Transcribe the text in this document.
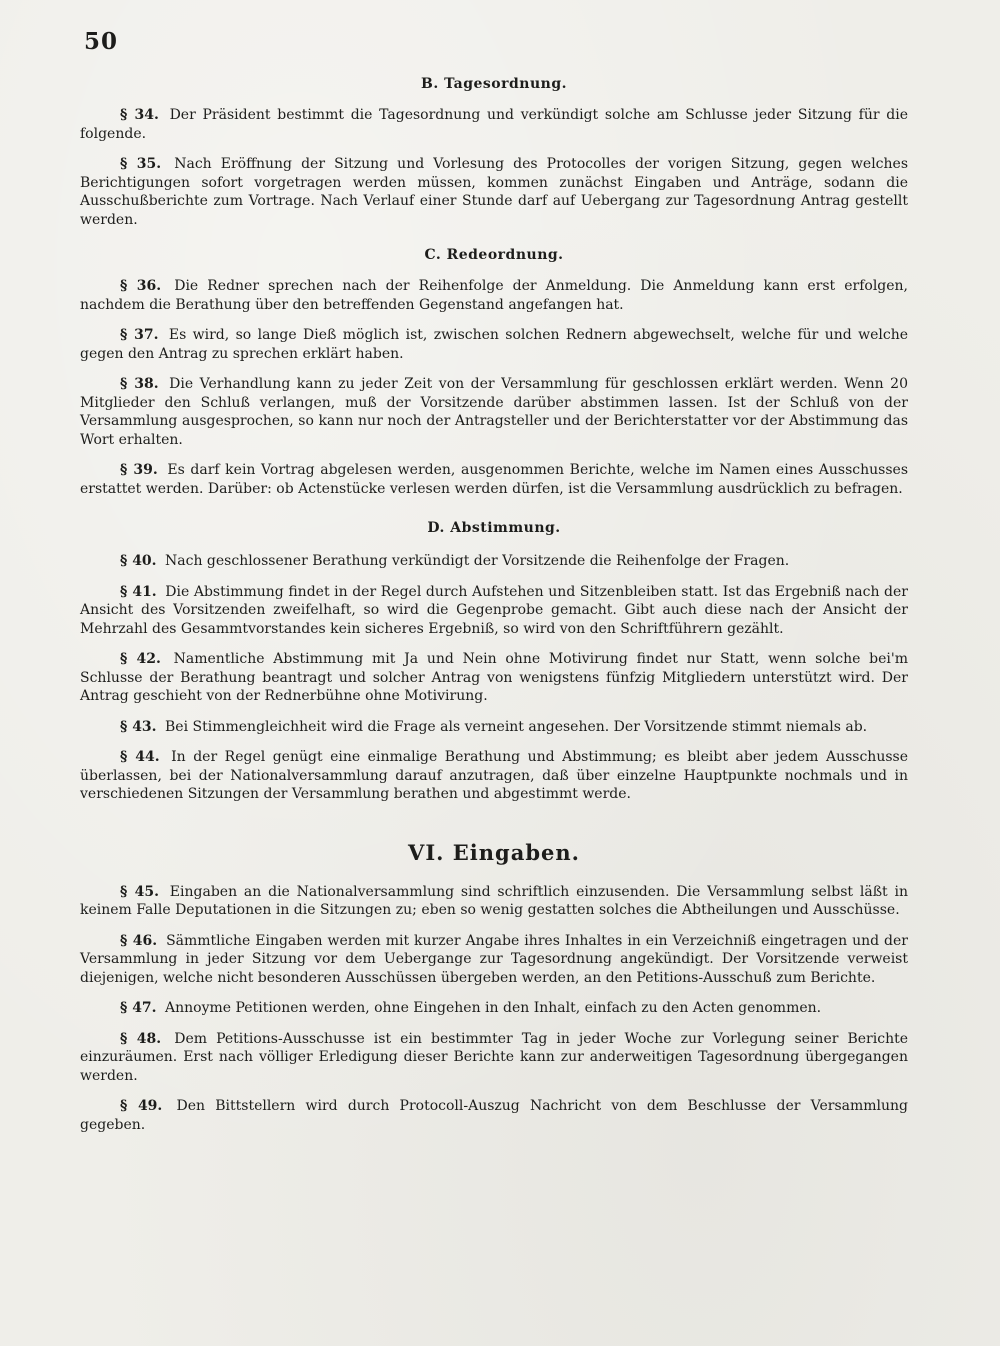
50
B. Tagesordnung.

§ 34. Der Präsident bestimmt die Tagesordnung und verkündigt solche am Schlusse jeder Sitzung für die folgende.

§ 35. Nach Eröffnung der Sitzung und Vorlesung des Protocolles der vorigen Sitzung, gegen welches Berichtigungen sofort vorgetragen werden müssen, kommen zunächst Eingaben und Anträge, sodann die Ausschußberichte zum Vortrage. Nach Verlauf einer Stunde darf auf Uebergang zur Tagesordnung Antrag gestellt werden.

C. Redeordnung.

§ 36. Die Redner sprechen nach der Reihenfolge der Anmeldung. Die Anmeldung kann erst erfolgen, nachdem die Berathung über den betreffenden Gegenstand angefangen hat.

§ 37. Es wird, so lange Dieß möglich ist, zwischen solchen Rednern abgewechselt, welche für und welche gegen den Antrag zu sprechen erklärt haben.

§ 38. Die Verhandlung kann zu jeder Zeit von der Versammlung für geschlossen erklärt werden. Wenn 20 Mitglieder den Schluß verlangen, muß der Vorsitzende darüber abstimmen lassen. Ist der Schluß von der Versammlung ausgesprochen, so kann nur noch der Antragsteller und der Berichterstatter vor der Abstimmung das Wort erhalten.

§ 39. Es darf kein Vortrag abgelesen werden, ausgenommen Berichte, welche im Namen eines Ausschusses erstattet werden. Darüber: ob Actenstücke verlesen werden dürfen, ist die Versammlung ausdrücklich zu befragen.

D. Abstimmung.

§ 40. Nach geschlossener Berathung verkündigt der Vorsitzende die Reihenfolge der Fragen.

§ 41. Die Abstimmung findet in der Regel durch Aufstehen und Sitzenbleiben statt. Ist das Ergebniß nach der Ansicht des Vorsitzenden zweifelhaft, so wird die Gegenprobe gemacht. Gibt auch diese nach der Ansicht der Mehrzahl des Gesammtvorstandes kein sicheres Ergebniß, so wird von den Schriftführern gezählt.

§ 42. Namentliche Abstimmung mit Ja und Nein ohne Motivirung findet nur Statt, wenn solche bei'm Schlusse der Berathung beantragt und solcher Antrag von wenigstens fünfzig Mitgliedern unterstützt wird. Der Antrag geschieht von der Rednerbühne ohne Motivirung.

§ 43. Bei Stimmengleichheit wird die Frage als verneint angesehen. Der Vorsitzende stimmt niemals ab.

§ 44. In der Regel genügt eine einmalige Berathung und Abstimmung; es bleibt aber jedem Ausschusse überlassen, bei der Nationalversammlung darauf anzutragen, daß über einzelne Hauptpunkte nochmals und in verschiedenen Sitzungen der Versammlung berathen und abgestimmt werde.

VI. Eingaben.

§ 45. Eingaben an die Nationalversammlung sind schriftlich einzusenden. Die Versammlung selbst läßt in keinem Falle Deputationen in die Sitzungen zu; eben so wenig gestatten solches die Abtheilungen und Ausschüsse.

§ 46. Sämmtliche Eingaben werden mit kurzer Angabe ihres Inhaltes in ein Verzeichniß eingetragen und der Versammlung in jeder Sitzung vor dem Uebergange zur Tagesordnung angekündigt. Der Vorsitzende verweist diejenigen, welche nicht besonderen Ausschüssen übergeben werden, an den Petitions-Ausschuß zum Berichte.

§ 47. Annoyme Petitionen werden, ohne Eingehen in den Inhalt, einfach zu den Acten genommen.

§ 48. Dem Petitions-Ausschusse ist ein bestimmter Tag in jeder Woche zur Vorlegung seiner Berichte einzuräumen. Erst nach völliger Erledigung dieser Berichte kann zur anderweitigen Tagesordnung übergegangen werden.

§ 49. Den Bittstellern wird durch Protocoll-Auszug Nachricht von dem Beschlusse der Versammlung gegeben.
